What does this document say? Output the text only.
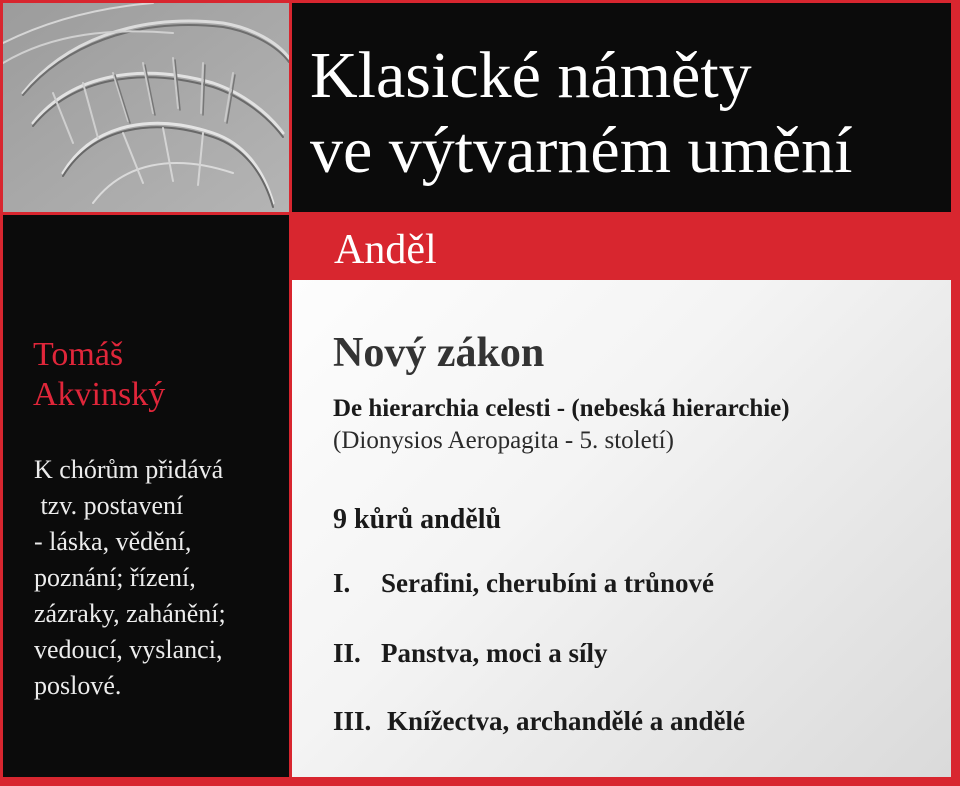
Klasické náměty
ve výtvarném umění
Tomáš
Akvinský
K chórům přidává
tzv. postavení
- láska, vědění,
poznání; řízení,
zázraky, zahánění;
vedoucí, vyslanci,
poslové.
Anděl
Nový zákon
De hierarchia celesti - (nebeská hierarchie)
(Dionysios Aeropagita - 5. století)
9 kůrů andělů
I. Serafini, cherubíni a trůnové
II. Panstva, moci a síly
III. Knížectva, archandělé a andělé
